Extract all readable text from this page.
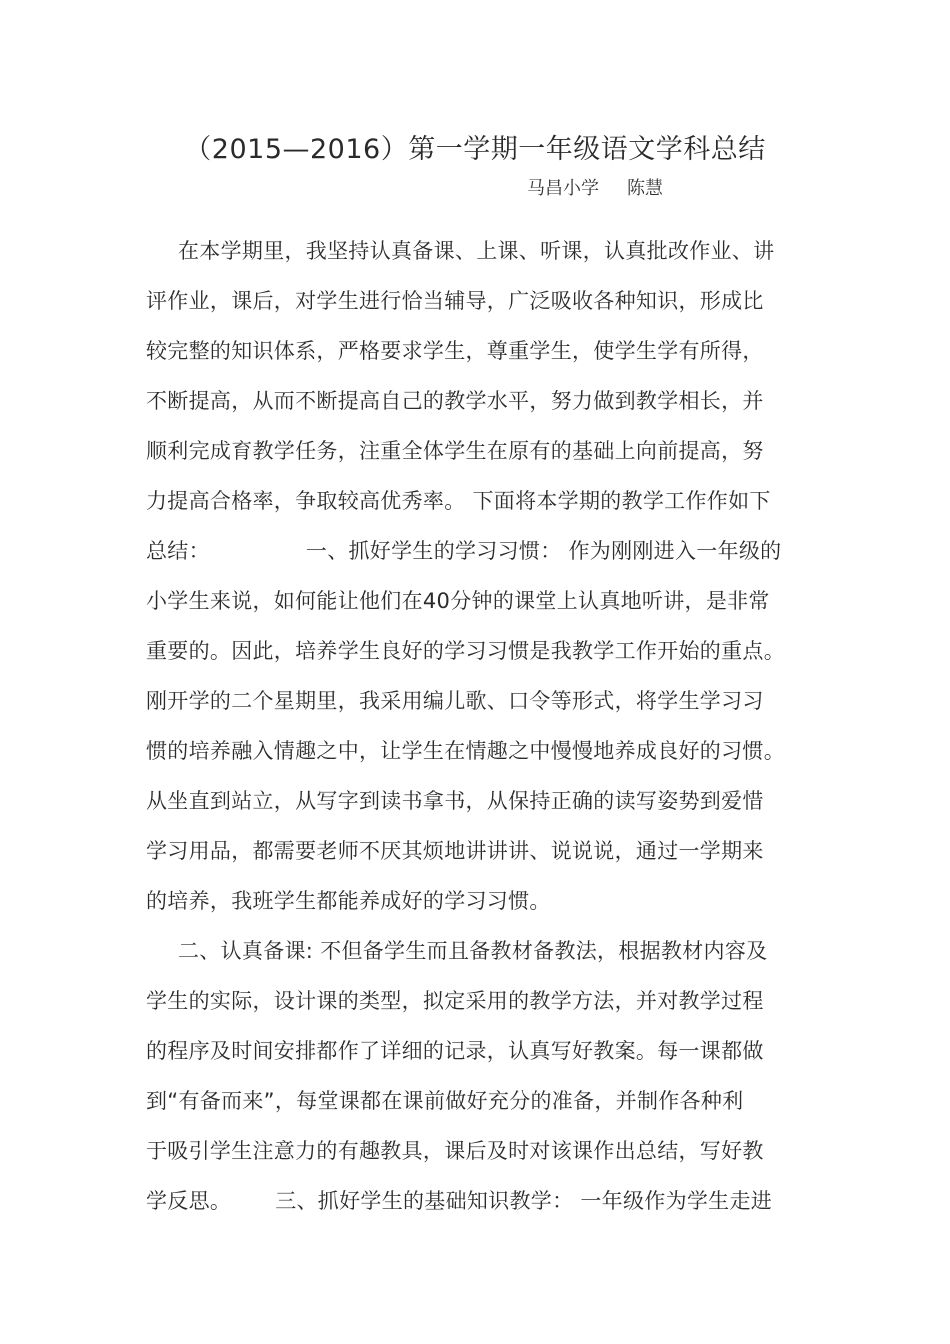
（2015—2016）第一学期一年级语文学科总结
马昌小学 陈慧
在本学期里，我坚持认真备课、上课、听课，认真批改作业、讲
评作业，课后，对学生进行恰当辅导，广泛吸收各种知识，形成比
较完整的知识体系，严格要求学生，尊重学生，使学生学有所得，
不断提高，从而不断提高自己的教学水平，努力做到教学相长，并
顺利完成育教学任务，注重全体学生在原有的基础上向前提高，努
力提高合格率，争取较高优秀率。 下面将本学期的教学工作作如下
总结：	一、抓好学生的学习习惯： 作为刚刚进入一年级的
小学生来说，如何能让他们在40分钟的课堂上认真地听讲，是非常
重要的。因此，培养学生良好的学习习惯是我教学工作开始的重点。
刚开学的二个星期里，我采用编儿歌、口令等形式，将学生学习习
惯的培养融入情趣之中，让学生在情趣之中慢慢地养成良好的习惯。
从坐直到站立，从写字到读书拿书，从保持正确的读写姿势到爱惜
学习用品，都需要老师不厌其烦地讲讲讲、说说说，通过一学期来
的培养，我班学生都能养成好的学习习惯。
二、认真备课: 不但备学生而且备教材备教法，根据教材内容及
学生的实际，设计课的类型，拟定采用的教学方法，并对教学过程
的程序及时间安排都作了详细的记录，认真写好教案。每一课都做
到“有备而来”，每堂课都在课前做好充分的准备，并制作各种利
于吸引学生注意力的有趣教具，课后及时对该课作出总结，写好教
学反思。 三、抓好学生的基础知识教学： 一年级作为学生走进
